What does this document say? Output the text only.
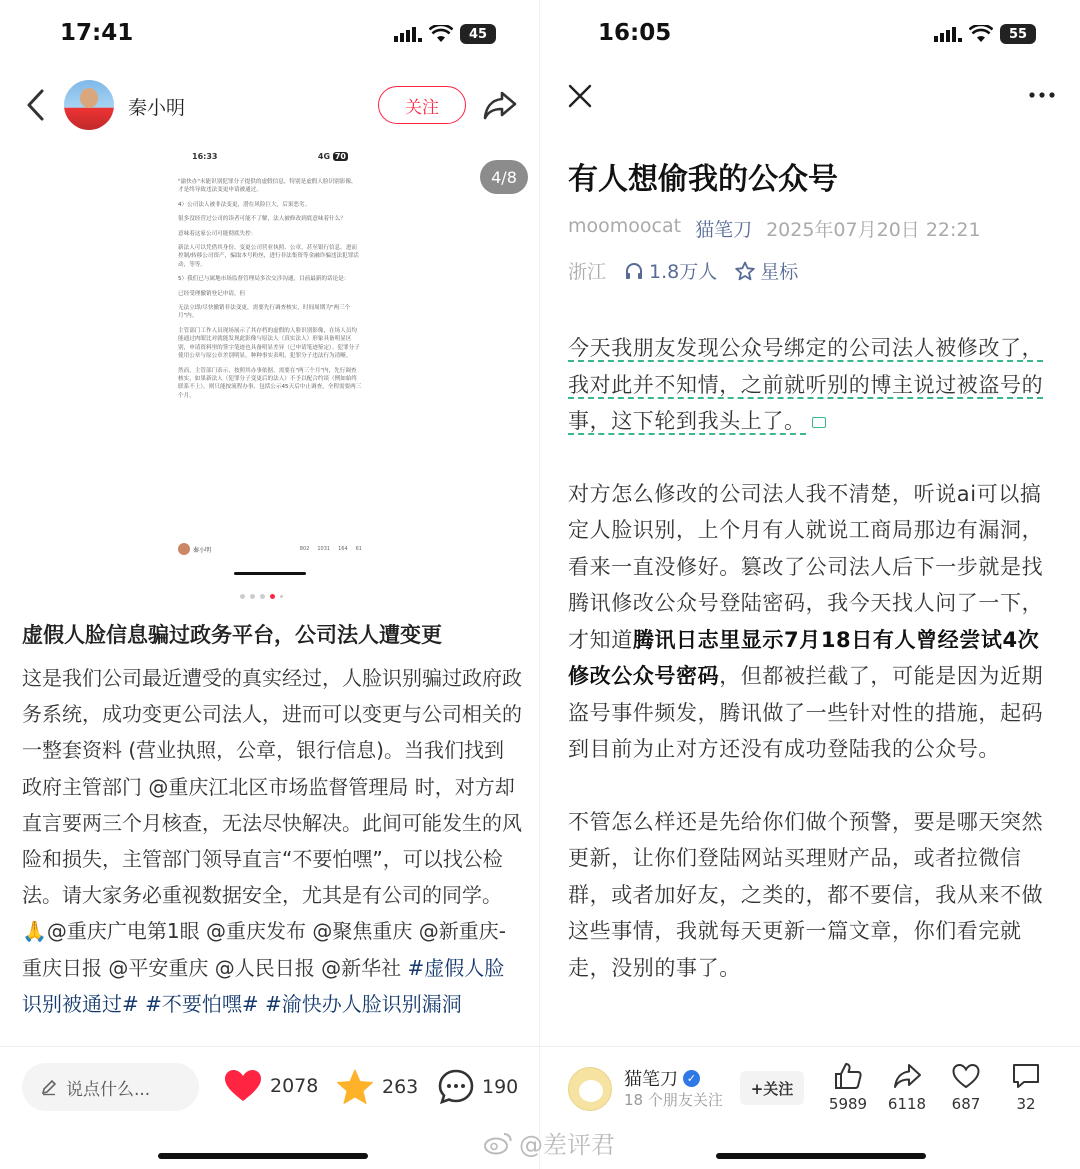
17:41	45
秦小明	关注
16:33	4G 70

"渝快办"未能识别犯罪分子提供的虚假信息，特别是虚假人脸识别影像，才是终导致违法变更申请被通过。

4）公司法人被非法变更，潜在风险巨大，后果恶劣。

很多没经营过公司的读者可能不了解，法人被修改到底意味着什么？

意味着这家公司可能彻底失控：

新法人可以凭借其身份，变更公司营业执照、公章，甚至银行信息。进而控制/转移公司资产，骗取本号粉丝，进行非法集资等金融诈骗违法犯罪活动，等等。

5）我们已与属地市场监督管理局多次交涉沟通，目前最新的话论是：

已经受理撤销登记申请，但

无法立即/尽快撤销非法变更，需要先行调查核实，时间周期为"两三个月"内。

主管部门工作人员现场展示了其存档的虚假的人脸识别影像，在场人员均能通过肉眼比对就能发现此影像与原法人（真实法人）形象具备明显区别，申请资料里的签字笔迹也具备明显差异（已申请笔迹鉴定）。犯罪分子使用公章与原公章差别明显，种种事实表明，犯罪分子违法行为清晰。

然而，主管部门表示，按照其办事依据，需要在"两三个月"内，先行调查核实，如果新法人（犯罪分子变更后的法人）不予以配合约谈（例如始终联系不上），则只能按流程办事，包括公示45天后中止调查，全程需要两三个月。

秦小明	802 1031 164 61
4/8
虚假人脸信息骗过政务平台，公司法人遭变更
这是我们公司最近遭受的真实经过，人脸识别骗过政府政务系统，成功变更公司法人，进而可以变更与公司相关的一整套资料 (营业执照，公章，银行信息)。当我们找到政府主管部门 @重庆江北区市场监督管理局 时，对方却直言要两三个月核查，无法尽快解决。此间可能发生的风险和损失，主管部门领导直言“不要怕嘿”，可以找公检法。请大家务必重视数据安全，尤其是有公司的同学。🙏@重庆广电第1眼 @重庆发布 @聚焦重庆 @新重庆-重庆日报 @平安重庆 @人民日报 @新华社 #虚假人脸识别被通过# #不要怕嘿# #渝快办人脸识别漏洞
说点什么...	2078	263	190
16:05	55
有人想偷我的公众号
moomoocat 猫笔刀 2025年07月20日 22:21
浙江 1.8万人 星标

今天我朋友发现公众号绑定的公司法人被修改了，我对此并不知情，之前就听别的博主说过被盗号的事，这下轮到我头上了。

对方怎么修改的公司法人我不清楚，听说ai可以搞定人脸识别，上个月有人就说工商局那边有漏洞，看来一直没修好。篡改了公司法人后下一步就是找腾讯修改公众号登陆密码，我今天找人问了一下，才知道腾讯日志里显示7月18日有人曾经尝试4次修改公众号密码，但都被拦截了，可能是因为近期盗号事件频发，腾讯做了一些针对性的措施，起码到目前为止对方还没有成功登陆我的公众号。

不管怎么样还是先给你们做个预警，要是哪天突然更新，让你们登陆网站买理财产品，或者拉微信群，或者加好友，之类的，都不要信，我从来不做这些事情，我就每天更新一篇文章，你们看完就走，没别的事了。

猫笔刀 ✓
18 个朋友关注
+关注
5989 6118 687 32
@差评君
